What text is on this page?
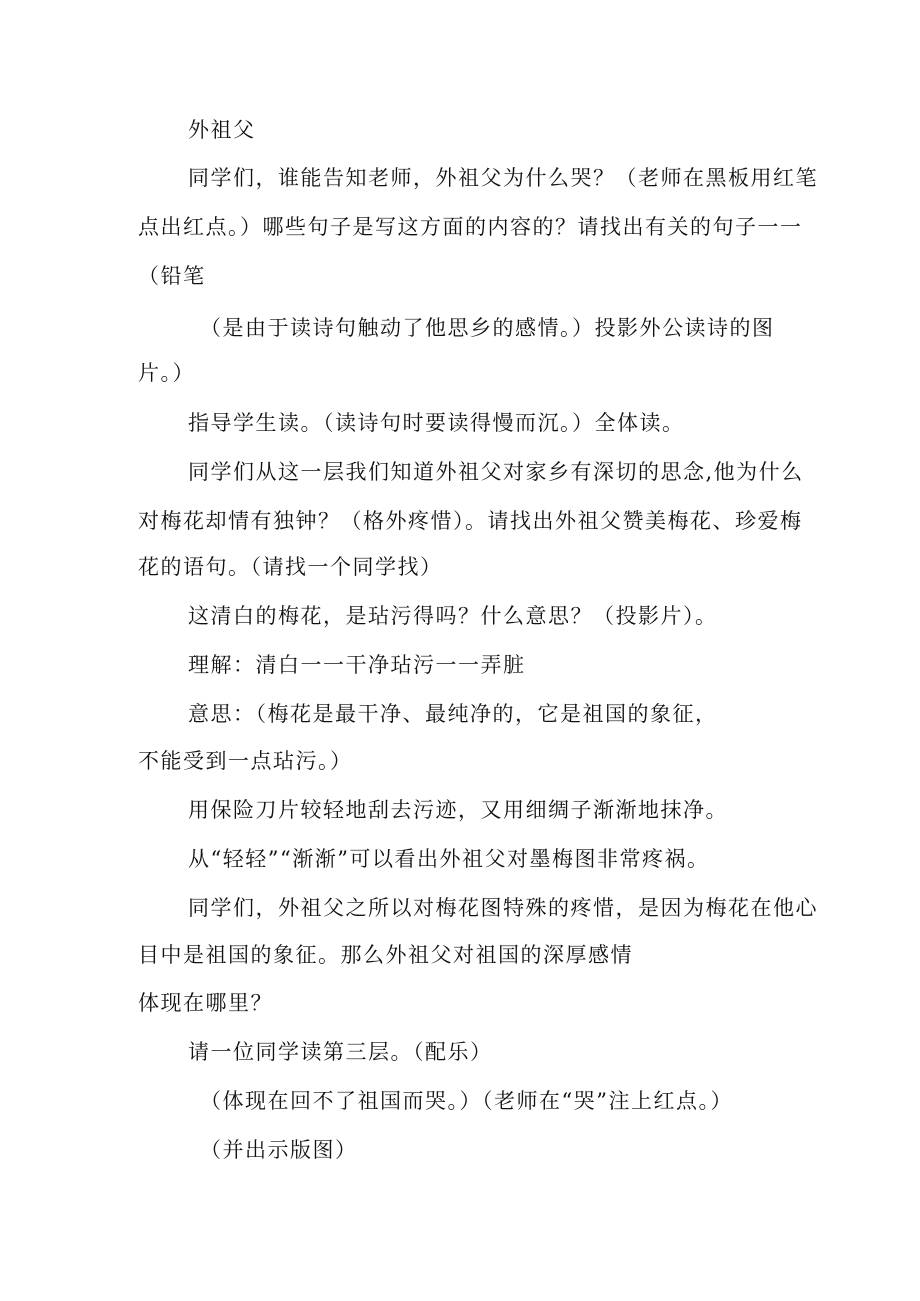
外祖父
同学们，谁能告知老师，外祖父为什么哭？（老师在黑板用红笔
点出红点。）哪些句子是写这方面的内容的？请找出有关的句子一一
（铅笔
（是由于读诗句触动了他思乡的感情。）投影外公读诗的图
片。）
指导学生读。（读诗句时要读得慢而沉。）全体读。
同学们从这一层我们知道外祖父对家乡有深切的思念,他为什么
对梅花却情有独钟？（格外疼惜）。请找出外祖父赞美梅花、珍爱梅
花的语句。（请找一个同学找）
这清白的梅花，是玷污得吗？什么意思？（投影片）。
理解：清白一一干净玷污一一弄脏
意思：（梅花是最干净、最纯净的，它是祖国的象征，
不能受到一点玷污。）
用保险刀片较轻地刮去污迹，又用细绸子渐渐地抹净。
从“轻轻”“渐渐”可以看出外祖父对墨梅图非常疼祸。
同学们，外祖父之所以对梅花图特殊的疼惜，是因为梅花在他心
目中是祖国的象征。那么外祖父对祖国的深厚感情
体现在哪里？
请一位同学读第三层。（配乐）
（体现在回不了祖国而哭。）（老师在“哭”注上红点。）
（并出示版图）
